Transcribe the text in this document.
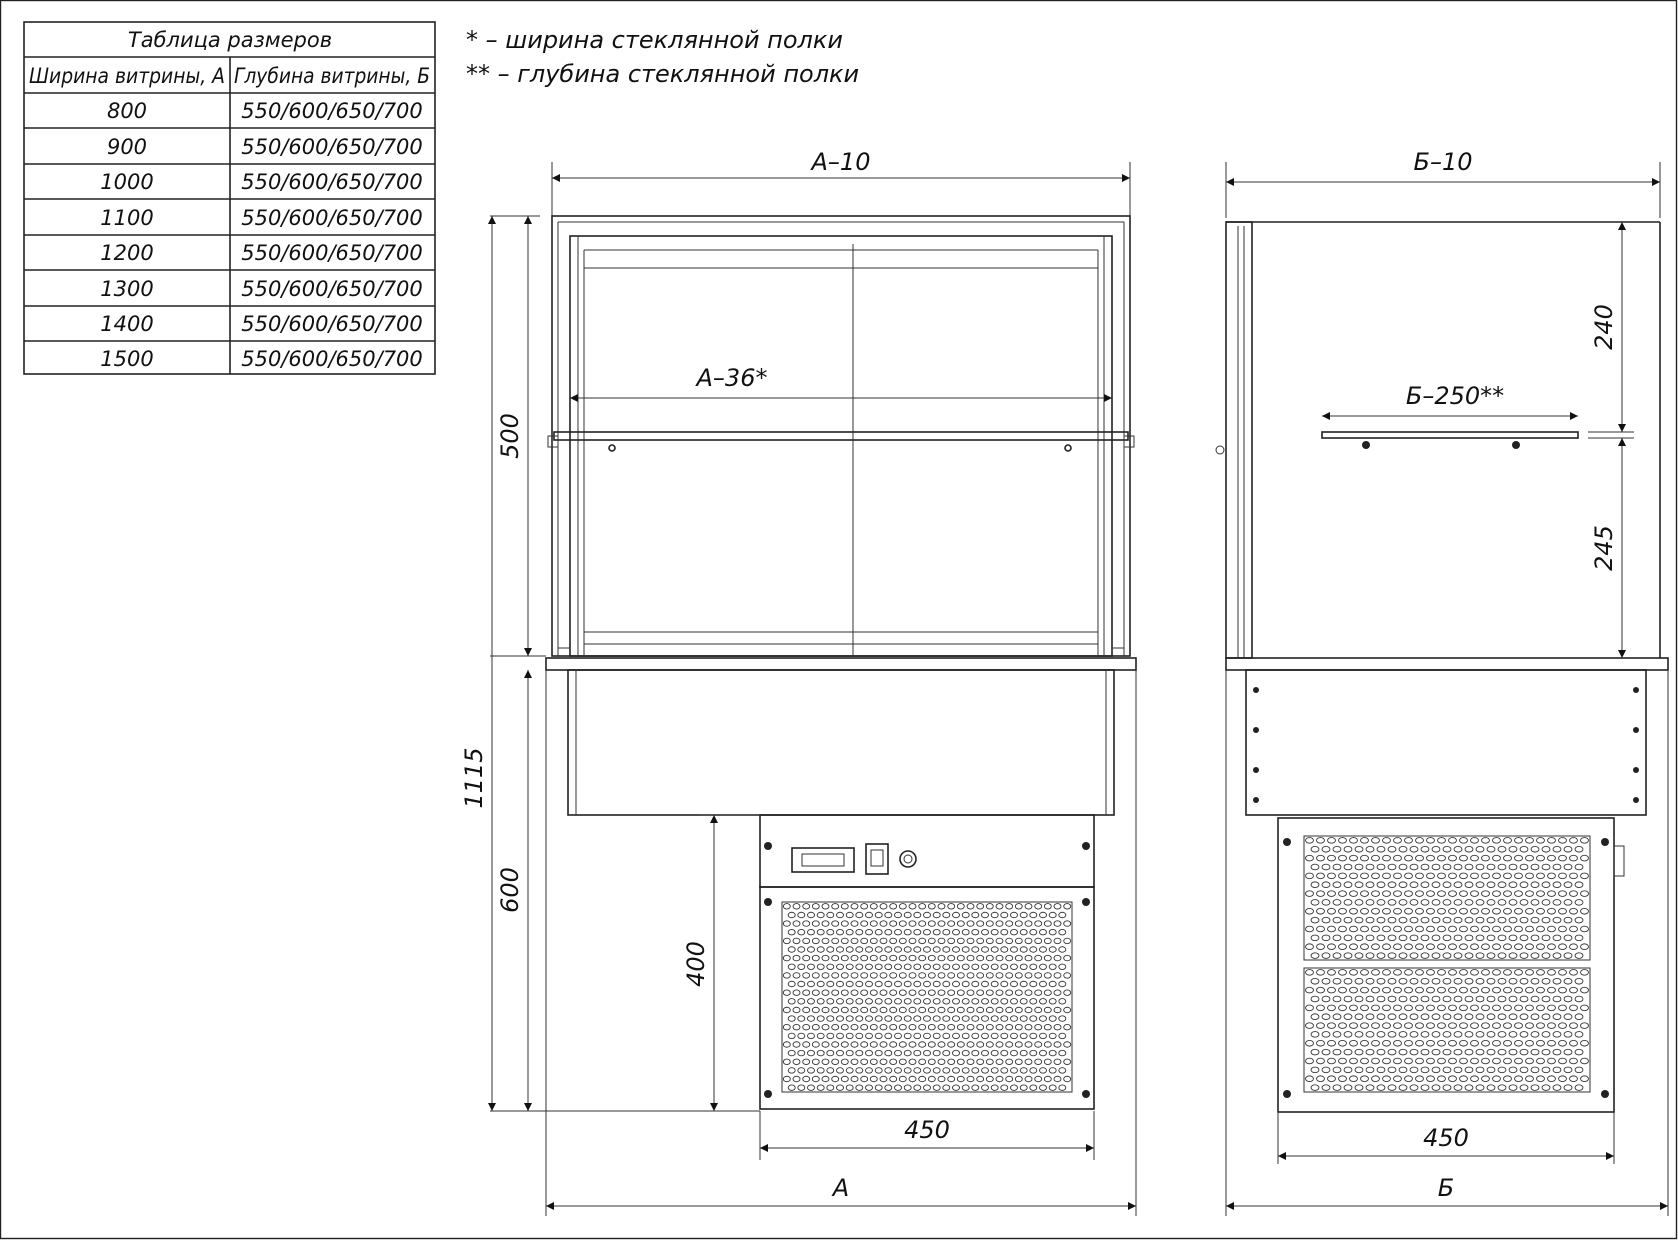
Таблица размеров
Ширина витрины, А Глубина витрины, Б
800	550/600/650/700
900	550/600/650/700
1000	550/600/650/700
1100	550/600/650/700
1200	550/600/650/700
1300	550/600/650/700
1400	550/600/650/700
1500	550/600/650/700
* – ширина стеклянной полки
** – глубина стеклянной полки
А–10
А–36*
500
1115
600
400
450
А
Б–10
Б–250**
240
245
450
Б
